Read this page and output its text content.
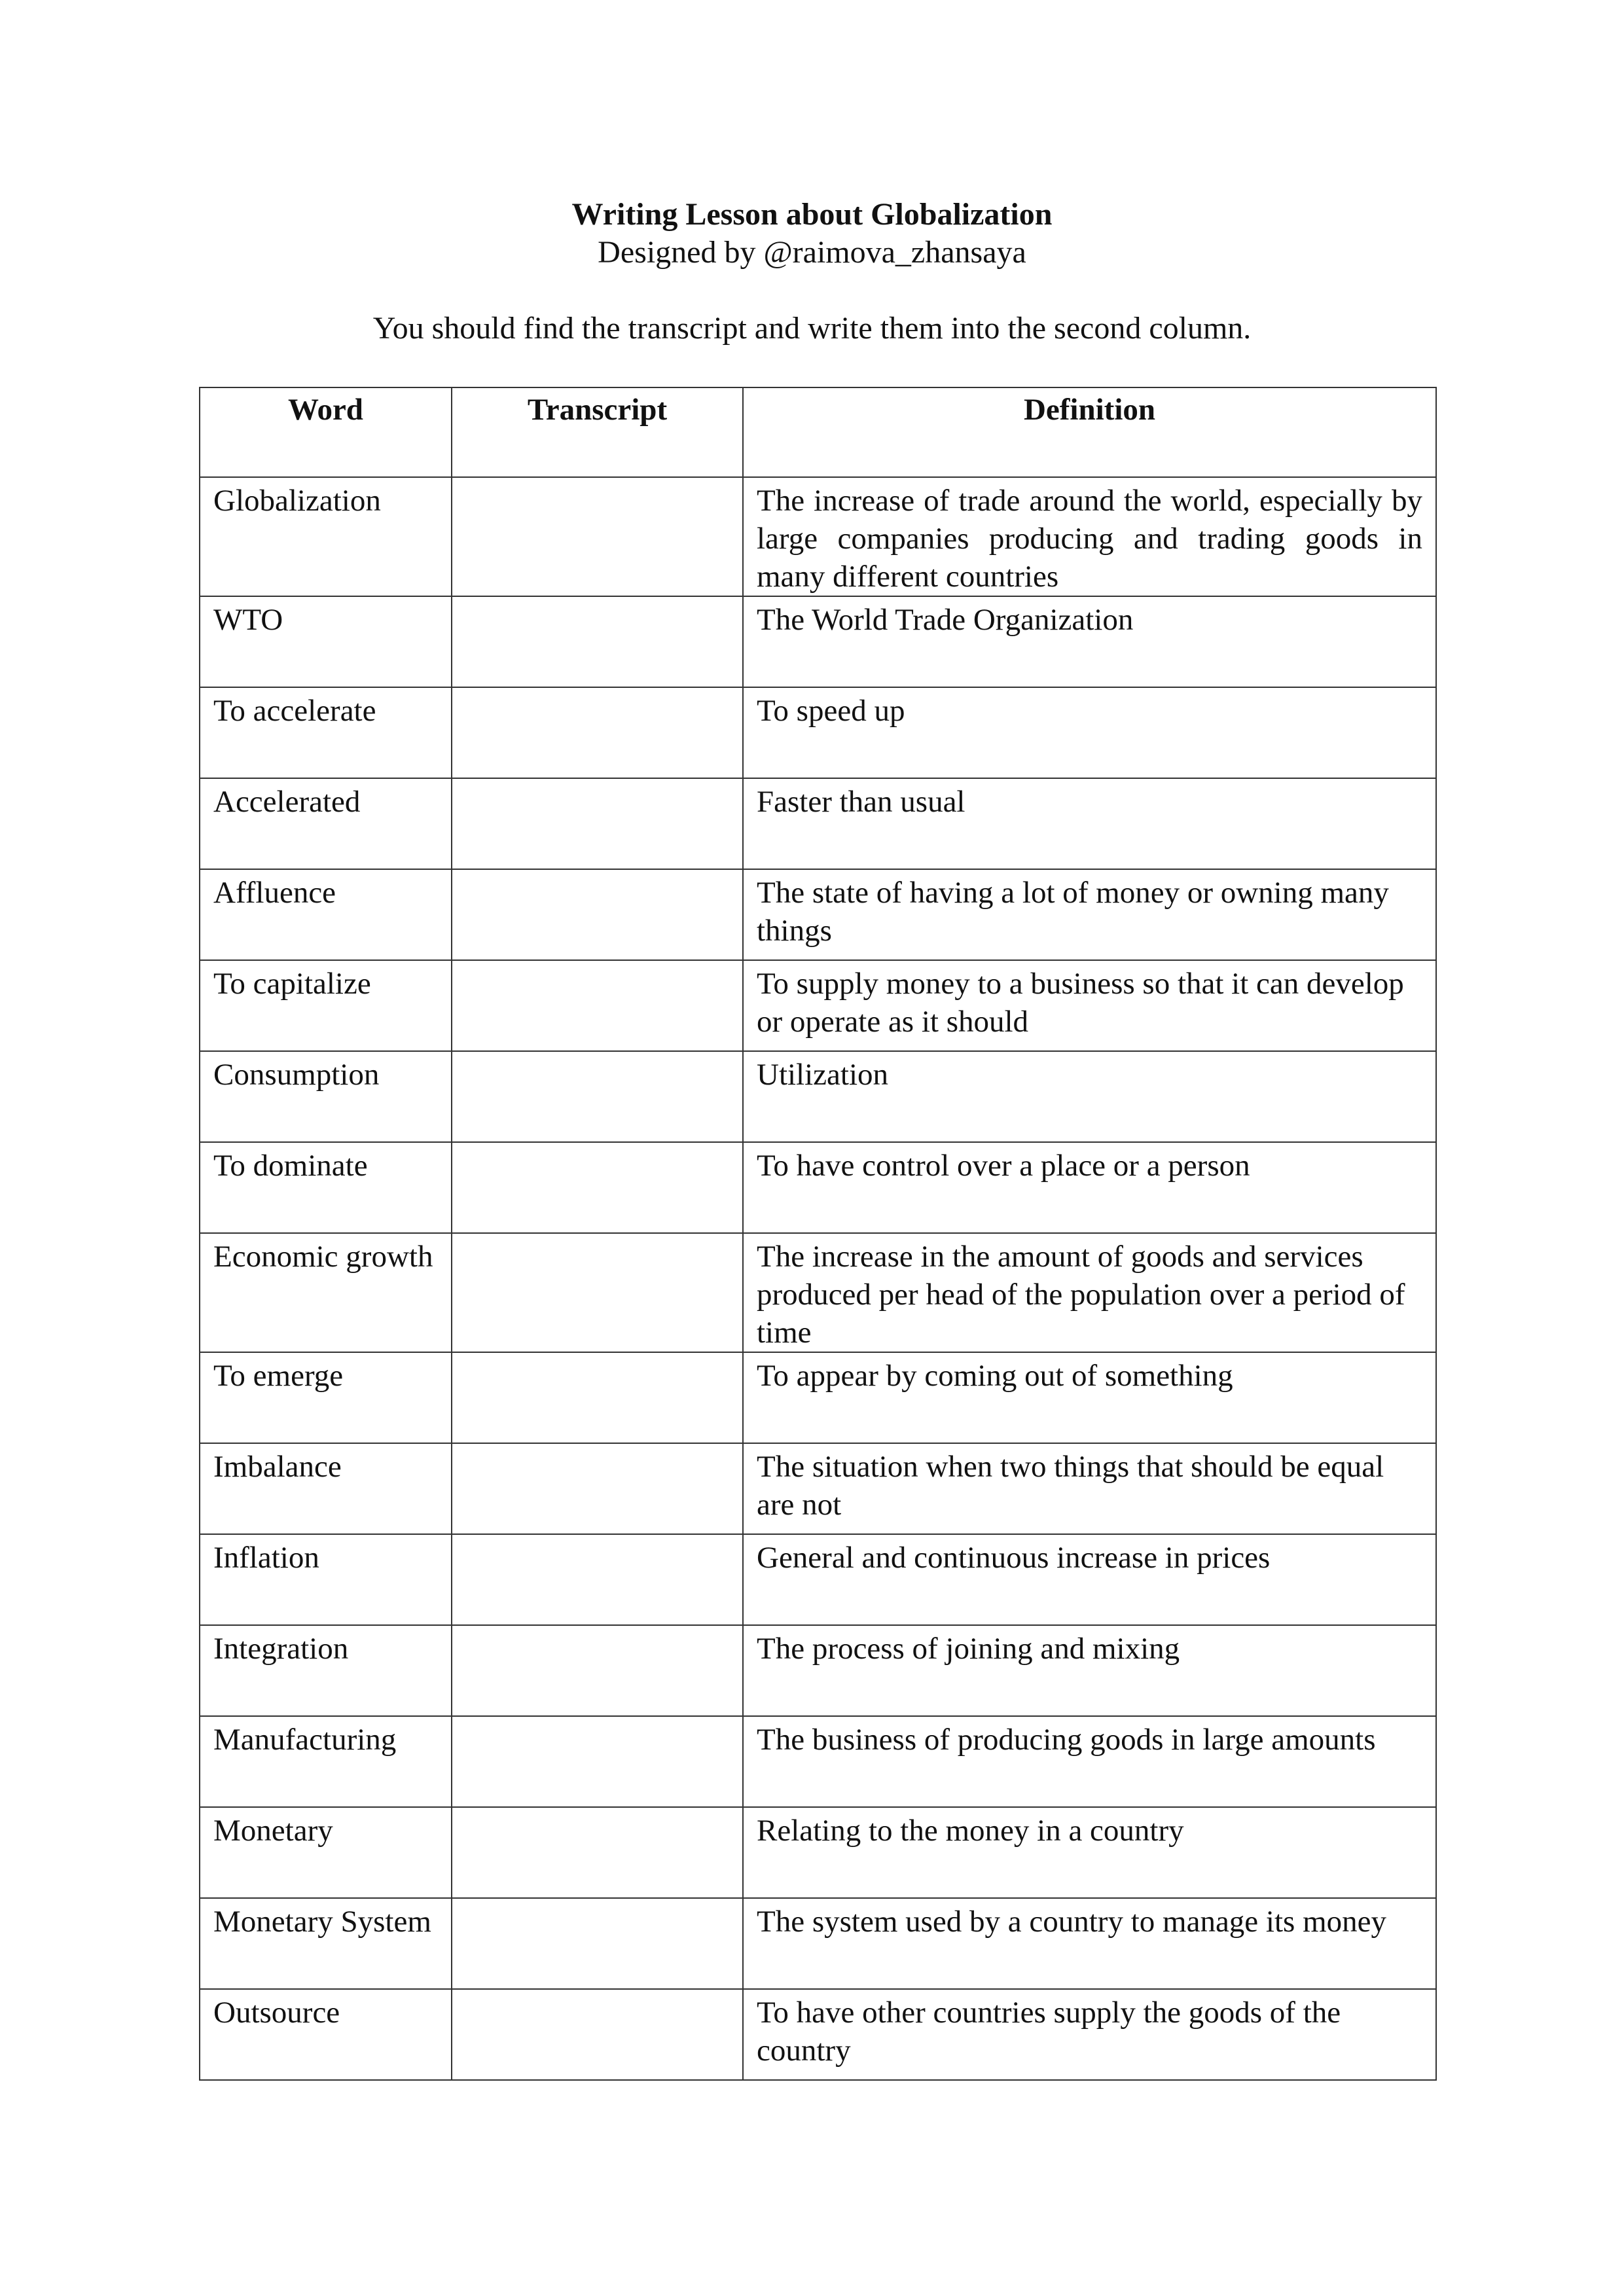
Writing Lesson about Globalization
Designed by @raimova_zhansaya
You should find the transcript and write them into the second column.
Word	Transcript	Definition
Globalization		The increase of trade around the world, especially by large companies producing and trading goods in many different countries
WTO		The World Trade Organization
To accelerate		To speed up
Accelerated		Faster than usual
Affluence		The state of having a lot of money or owning many things
To capitalize		To supply money to a business so that it can develop or operate as it should
Consumption		Utilization
To dominate		To have control over a place or a person
Economic growth		The increase in the amount of goods and services produced per head of the population over a period of time
To emerge		To appear by coming out of something
Imbalance		The situation when two things that should be equal are not
Inflation		General and continuous increase in prices
Integration		The process of joining and mixing
Manufacturing		The business of producing goods in large amounts
Monetary		Relating to the money in a country
Monetary System		The system used by a country to manage its money
Outsource		To have other countries supply the goods of the country
